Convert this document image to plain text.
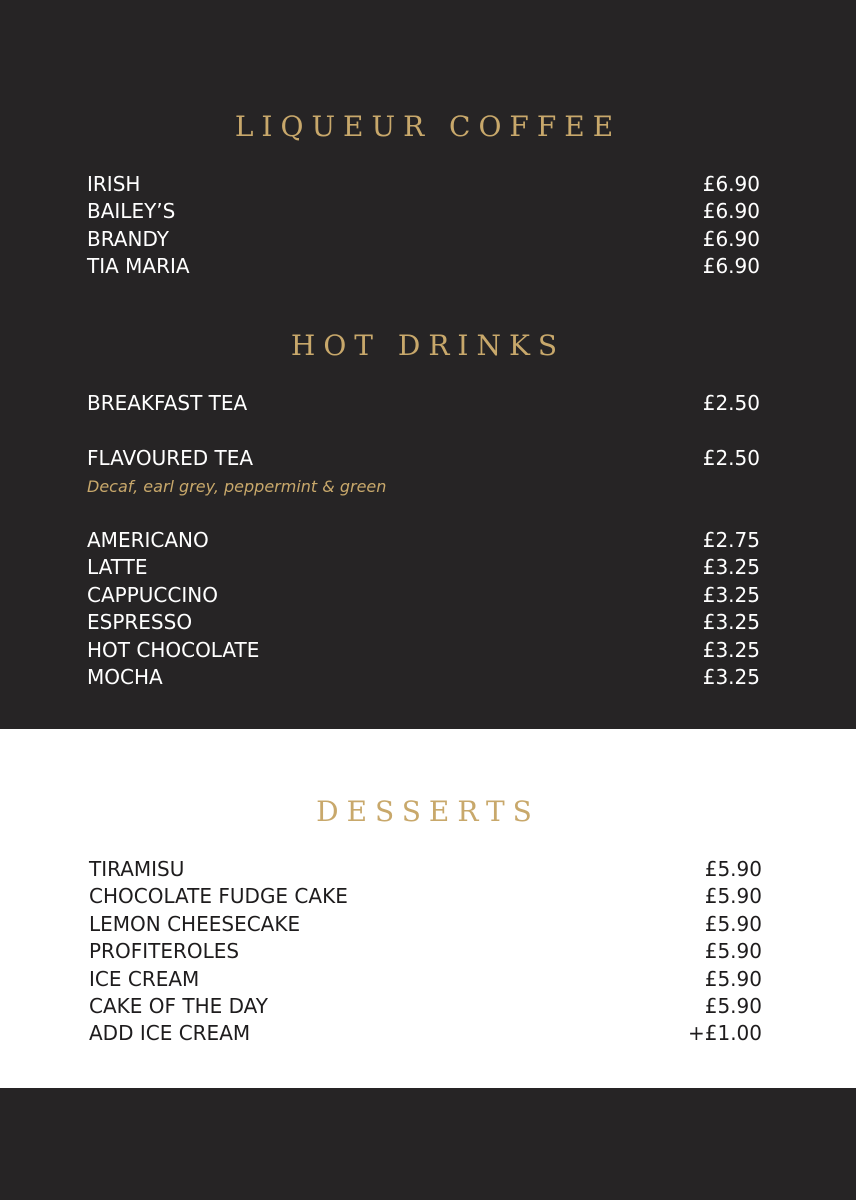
LIQUEUR COFFEE
IRISH	£6.90
BAILEY’S	£6.90
BRANDY	£6.90
TIA MARIA	£6.90
HOT DRINKS
BREAKFAST TEA	£2.50
FLAVOURED TEA	£2.50
Decaf, earl grey, peppermint & green
AMERICANO	£2.75
LATTE	£3.25
CAPPUCCINO	£3.25
ESPRESSO	£3.25
HOT CHOCOLATE	£3.25
MOCHA	£3.25
DESSERTS
TIRAMISU	£5.90
CHOCOLATE FUDGE CAKE	£5.90
LEMON CHEESECAKE	£5.90
PROFITEROLES	£5.90
ICE CREAM	£5.90
CAKE OF THE DAY	£5.90
ADD ICE CREAM	+£1.00
